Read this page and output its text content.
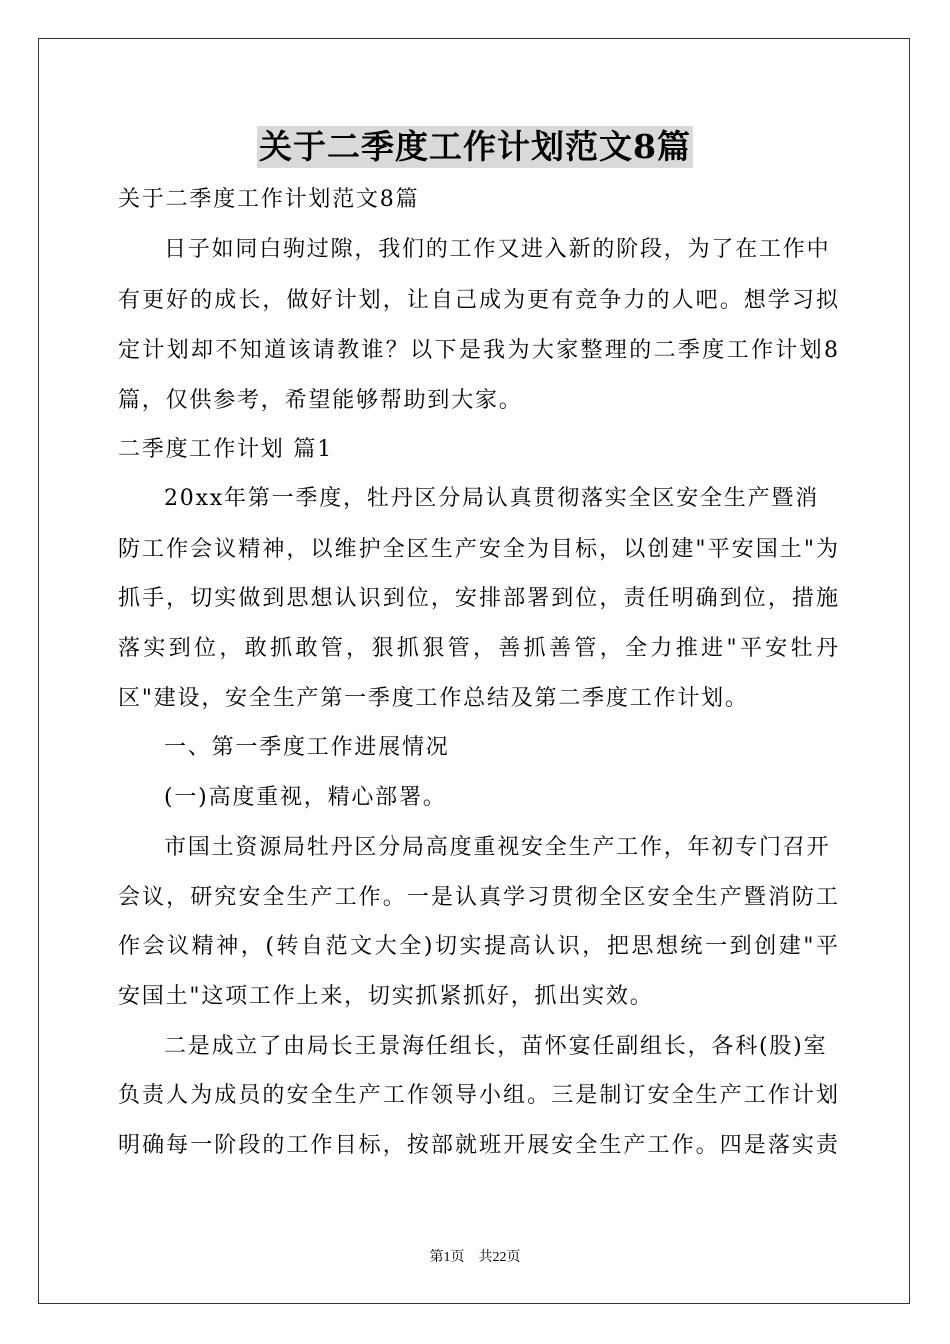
关于二季度工作计划范文8篇
关于二季度工作计划范文8篇
日子如同白驹过隙，我们的工作又进入新的阶段，为了在工作中
有更好的成长，做好计划，让自己成为更有竞争力的人吧。想学习拟
定计划却不知道该请教谁？以下是我为大家整理的二季度工作计划8
篇，仅供参考，希望能够帮助到大家。
二季度工作计划 篇1
20xx年第一季度，牡丹区分局认真贯彻落实全区安全生产暨消
防工作会议精神，以维护全区生产安全为目标，以创建"平安国土"为
抓手，切实做到思想认识到位，安排部署到位，责任明确到位，措施
落实到位，敢抓敢管，狠抓狠管，善抓善管，全力推进"平安牡丹
区"建设，安全生产第一季度工作总结及第二季度工作计划。
一、第一季度工作进展情况
(一)高度重视，精心部署。
市国土资源局牡丹区分局高度重视安全生产工作，年初专门召开
会议，研究安全生产工作。一是认真学习贯彻全区安全生产暨消防工
作会议精神，(转自范文大全)切实提高认识，把思想统一到创建"平
安国土"这项工作上来，切实抓紧抓好，抓出实效。
二是成立了由局长王景海任组长，苗怀宴任副组长，各科(股)室
负责人为成员的安全生产工作领导小组。三是制订安全生产工作计划
明确每一阶段的工作目标，按部就班开展安全生产工作。四是落实责
第1页　共22页
